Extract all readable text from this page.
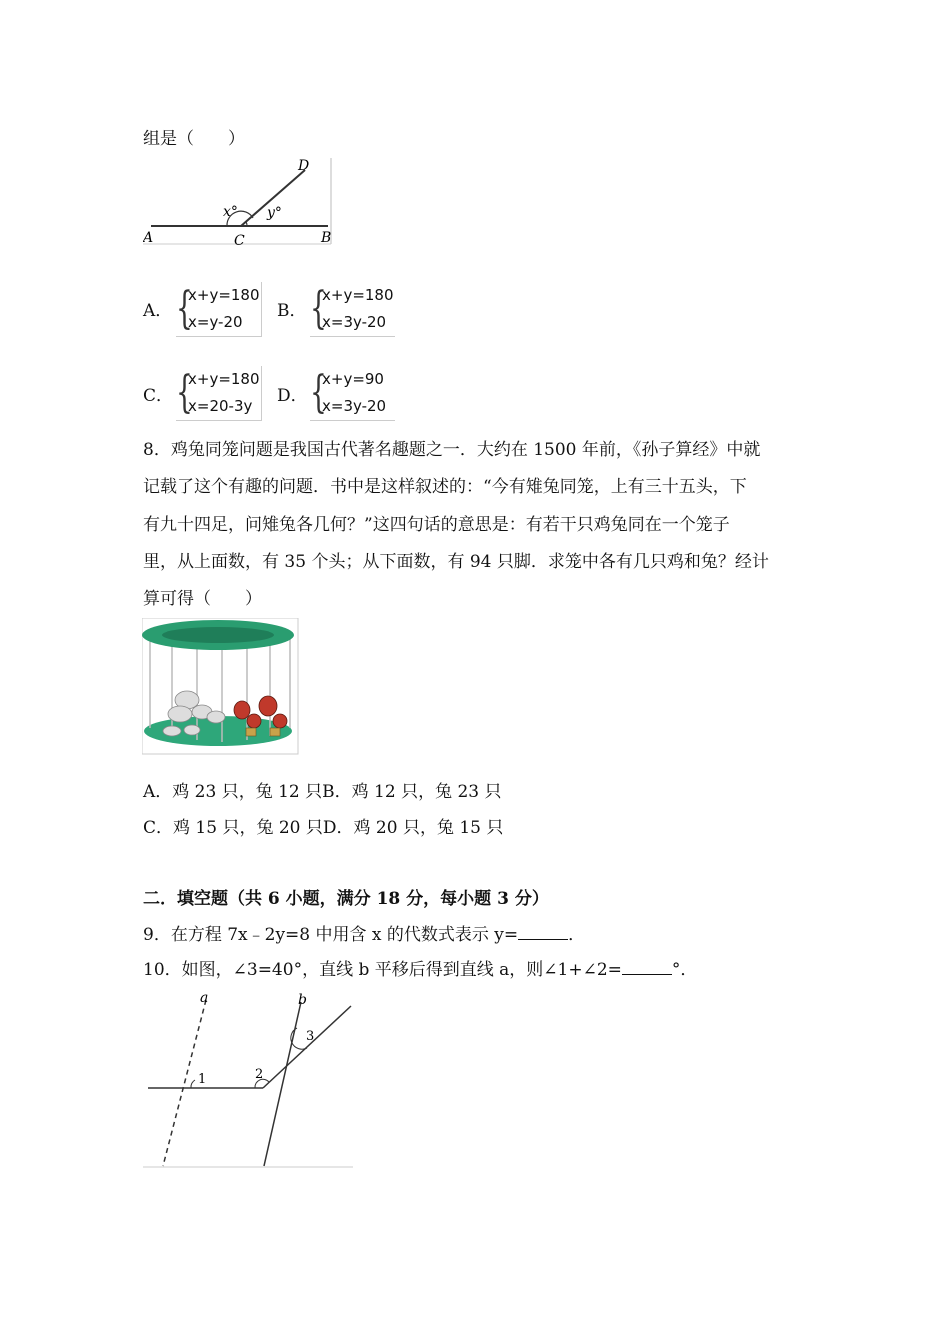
组是（　　）
A	C	B
D
x° y°
A． {
x+y=180
x=y-20
B． {
x+y=180
x=3y-20
C． {
x+y=180
x=20-3y D． {
x+y=90
x=3y-20
8．鸡兔同笼问题是我国古代著名趣题之一．大约在 1500 年前，《孙子算经》中就
记载了这个有趣的问题．书中是这样叙述的：“今有雉兔同笼，上有三十五头，下
有九十四足，问雉兔各几何？”这四句话的意思是：有若干只鸡兔同在一个笼子
里，从上面数，有 35 个头；从下面数，有 94 只脚．求笼中各有几只鸡和兔？经计
算可得（　　）
A．鸡 23 只，兔 12 只B．鸡 12 只，兔 23 只
C．鸡 15 只，兔 20 只D．鸡 20 只，兔 15 只
二．填空题（共 6 小题，满分 18 分，每小题 3 分）
9．在方程 7x﹣2y=8 中用含 x 的代数式表示 y=	．
10．如图，∠3=40°，直线 b 平移后得到直线 a，则∠1+∠2=	°．
a	b
1	2
3
